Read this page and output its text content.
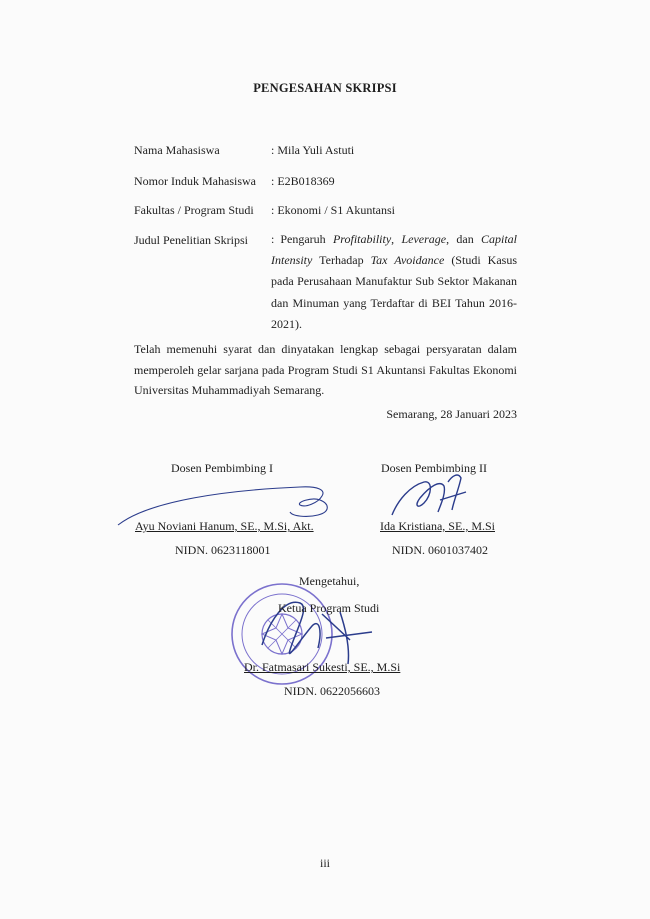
PENGESAHAN SKRIPSI
Nama Mahasiswa	: Mila Yuli Astuti
Nomor Induk Mahasiswa : E2B018369
Fakultas / Program Studi : Ekonomi / S1 Akuntansi
Judul Penelitian Skripsi : Pengaruh Profitability, Leverage, dan Capital Intensity Terhadap Tax Avoidance (Studi Kasus pada Perusahaan Manufaktur Sub Sektor Makanan dan Minuman yang Terdaftar di BEI Tahun 2016-2021).
Telah memenuhi syarat dan dinyatakan lengkap sebagai persyaratan dalam memperoleh gelar sarjana pada Program Studi S1 Akuntansi Fakultas Ekonomi Universitas Muhammadiyah Semarang.
Semarang, 28 Januari 2023
Dosen Pembimbing I	Dosen Pembimbing II
Ayu Noviani Hanum, SE., M.Si, Akt.	Ida Kristiana, SE., M.Si
NIDN. 0623118001	NIDN. 0601037402
Mengetahui,
Ketua Program Studi
Dr. Fatmasari Sukesti, SE., M.Si
NIDN. 0622056603
iii
